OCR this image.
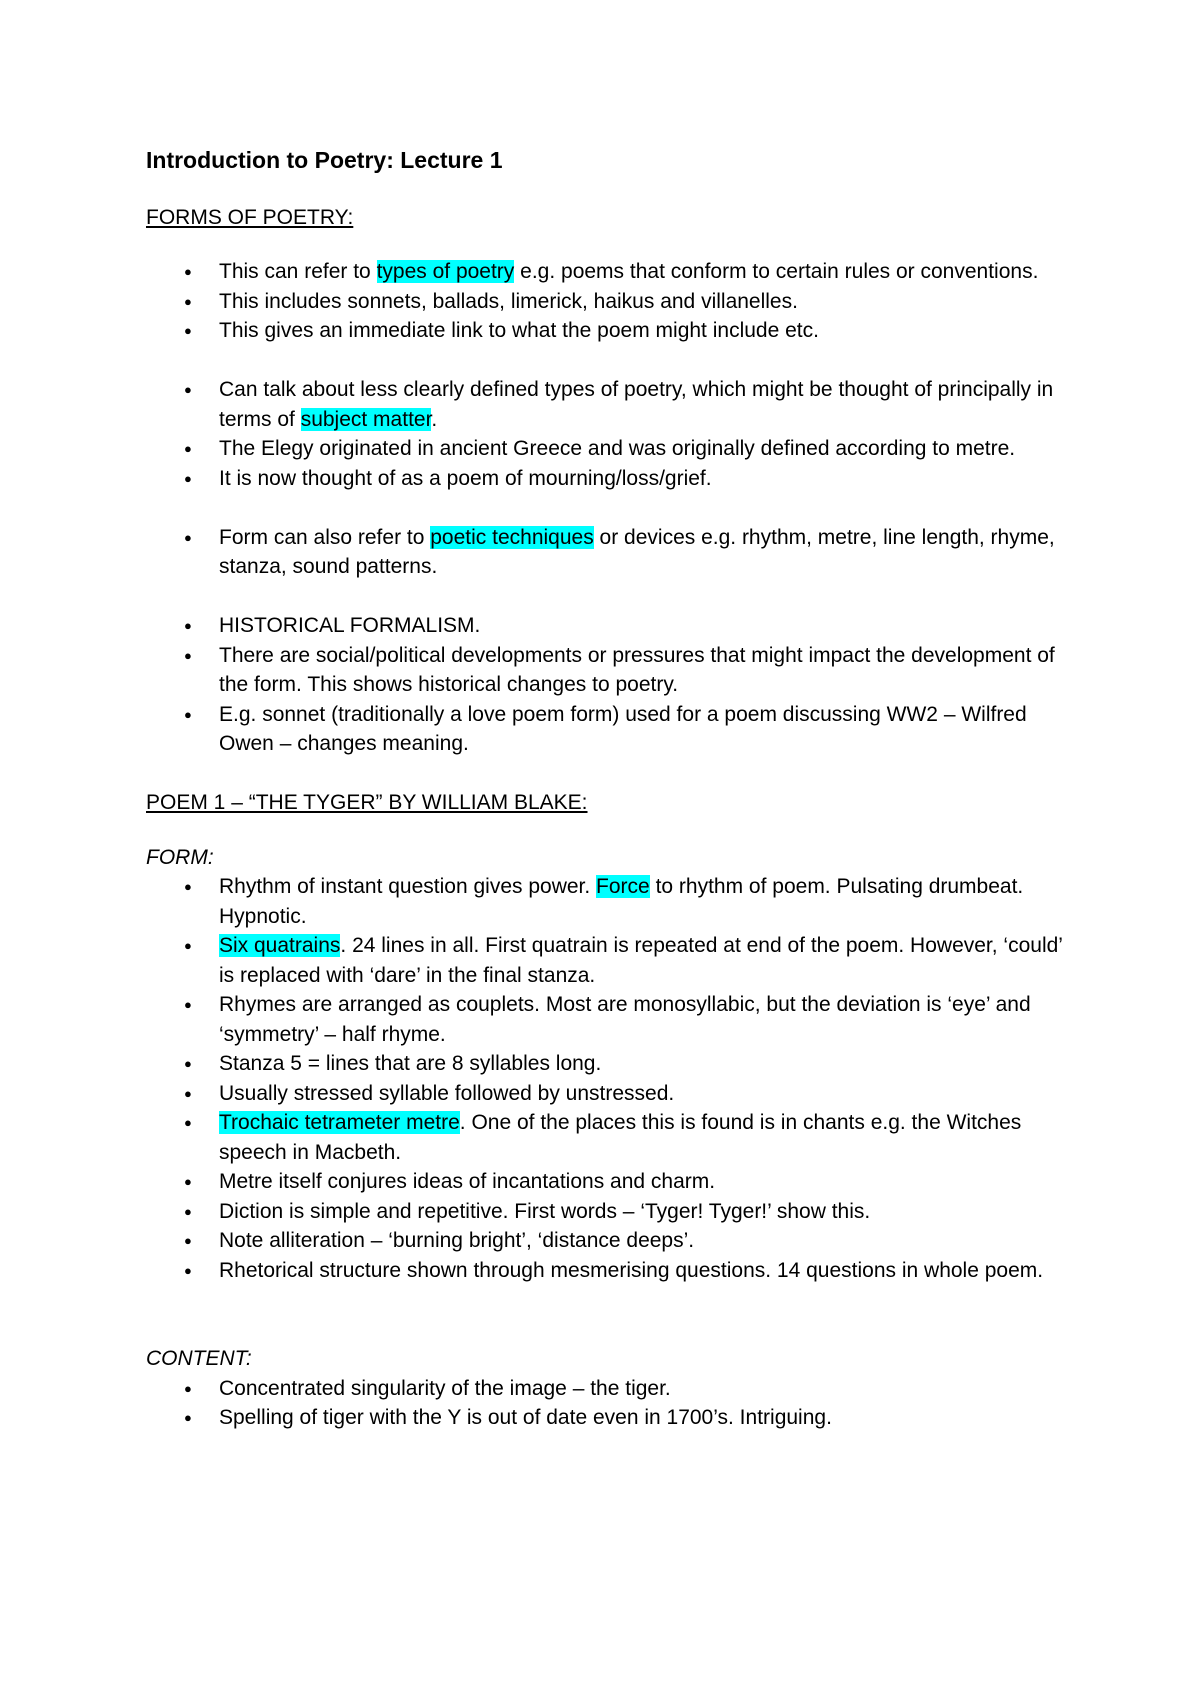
Introduction to Poetry: Lecture 1
FORMS OF POETRY:
● This can refer to types of poetry e.g. poems that conform to certain rules or conventions.
● This includes sonnets, ballads, limerick, haikus and villanelles.
● This gives an immediate link to what the poem might include etc.
● Can talk about less clearly defined types of poetry, which might be thought of principally in terms of subject matter.
● The Elegy originated in ancient Greece and was originally defined according to metre.
● It is now thought of as a poem of mourning/loss/grief.
● Form can also refer to poetic techniques or devices e.g. rhythm, metre, line length, rhyme, stanza, sound patterns.
● HISTORICAL FORMALISM.
● There are social/political developments or pressures that might impact the development of the form. This shows historical changes to poetry.
● E.g. sonnet (traditionally a love poem form) used for a poem discussing WW2 – Wilfred Owen – changes meaning.
POEM 1 – “THE TYGER” BY WILLIAM BLAKE:
FORM:
● Rhythm of instant question gives power. Force to rhythm of poem. Pulsating drumbeat. Hypnotic.
● Six quatrains. 24 lines in all. First quatrain is repeated at end of the poem. However, ‘could’ is replaced with ‘dare’ in the final stanza.
● Rhymes are arranged as couplets. Most are monosyllabic, but the deviation is ‘eye’ and ‘symmetry’ – half rhyme.
● Stanza 5 = lines that are 8 syllables long.
● Usually stressed syllable followed by unstressed.
● Trochaic tetrameter metre. One of the places this is found is in chants e.g. the Witches speech in Macbeth.
● Metre itself conjures ideas of incantations and charm.
● Diction is simple and repetitive. First words – ‘Tyger! Tyger!’ show this.
● Note alliteration – ‘burning bright’, ‘distance deeps’.
● Rhetorical structure shown through mesmerising questions. 14 questions in whole poem.
CONTENT:
● Concentrated singularity of the image – the tiger.
● Spelling of tiger with the Y is out of date even in 1700’s. Intriguing.
